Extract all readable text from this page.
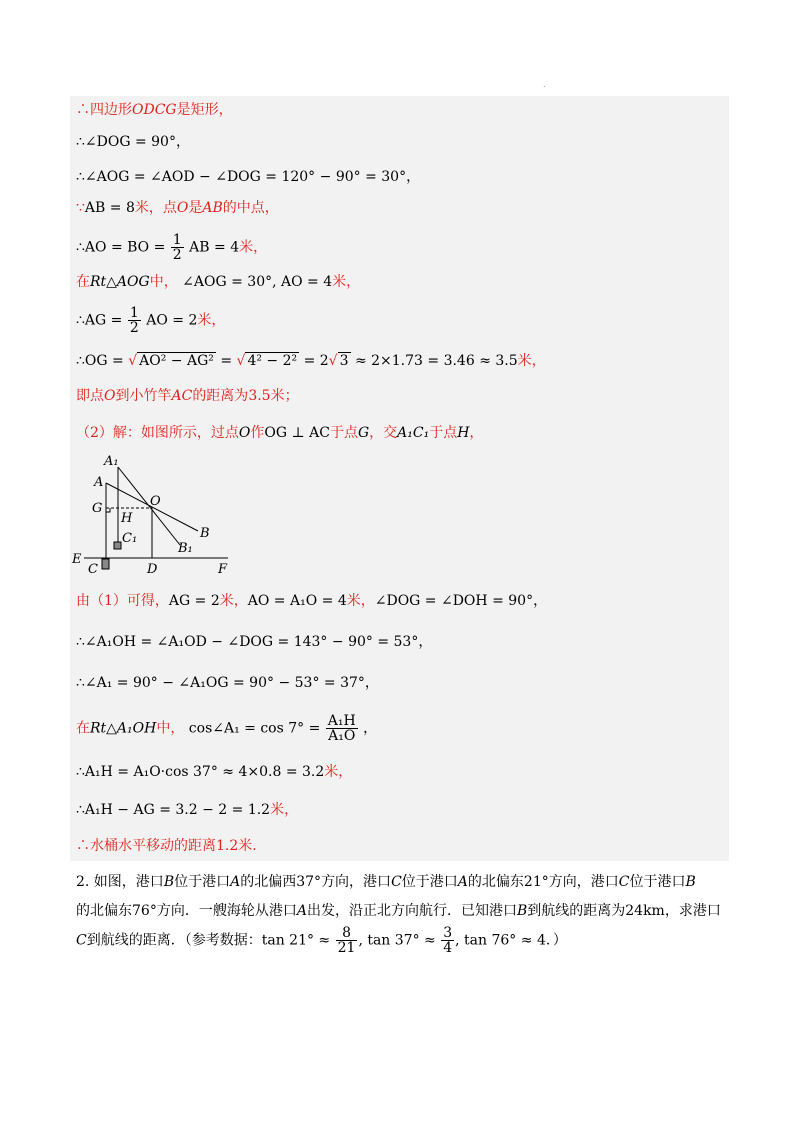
.
∴四边形ODCG是矩形，
∴∠DOG = 90°，
∴∠AOG = ∠AOD − ∠DOG = 120° − 90° = 30°，
∵AB = 8米，点O是AB的中点，
∴AO = BO = $\frac{1}{2}$ AB = 4米，
在Rt△AOG中， ∠AOG = 30°, AO = 4米，
∴AG = $\frac{1}{2}$ AO = 2米，
∴OG = √ AO² − AG² = √ 4² − 2² = 2√ 3 ≈ 2×1.73 = 3.46 ≈ 3.5米，
即点O到小竹竿AC的距离为3.5米；
（2）解：如图所示，过点O作OG ⊥ AC于点G，交A₁C₁于点H，
A₁
A
O
G
H
B
C₁
B₁
E
C	D	F
由（1）可得，AG = 2米，AO = A₁O = 4米，∠DOG = ∠DOH = 90°，
∴∠A₁OH = ∠A₁OD − ∠DOG = 143° − 90° = 53°，
∴∠A₁ = 90° − ∠A₁OG = 90° − 53° = 37°，
在Rt△A₁OH中， cos∠A₁ = $\cos 7^\circ = \frac{\text{A₁H}}{\text{A₁O}}$ ，
∴A₁H = A₁O·cos 37° ≈ 4×0.8 = 3.2米，
∴A₁H − AG = 3.2 − 2 = 1.2米，
∴水桶水平移动的距离1.2米.
2. 如图，港口B位于港口A的北偏西37°方向，港口C位于港口A的北偏东21°方向，港口C位于港口B
的北偏东76°方向．一艘海轮从港口A出发，沿正北方向航行．已知港口B到航线的距离为24km，求港口
C到航线的距离．（参考数据：$\tan 21^\circ \approx \frac{8}{21}$ , $\tan 37^\circ \approx \frac{3}{4}$ , tan 76° ≈ 4．）
